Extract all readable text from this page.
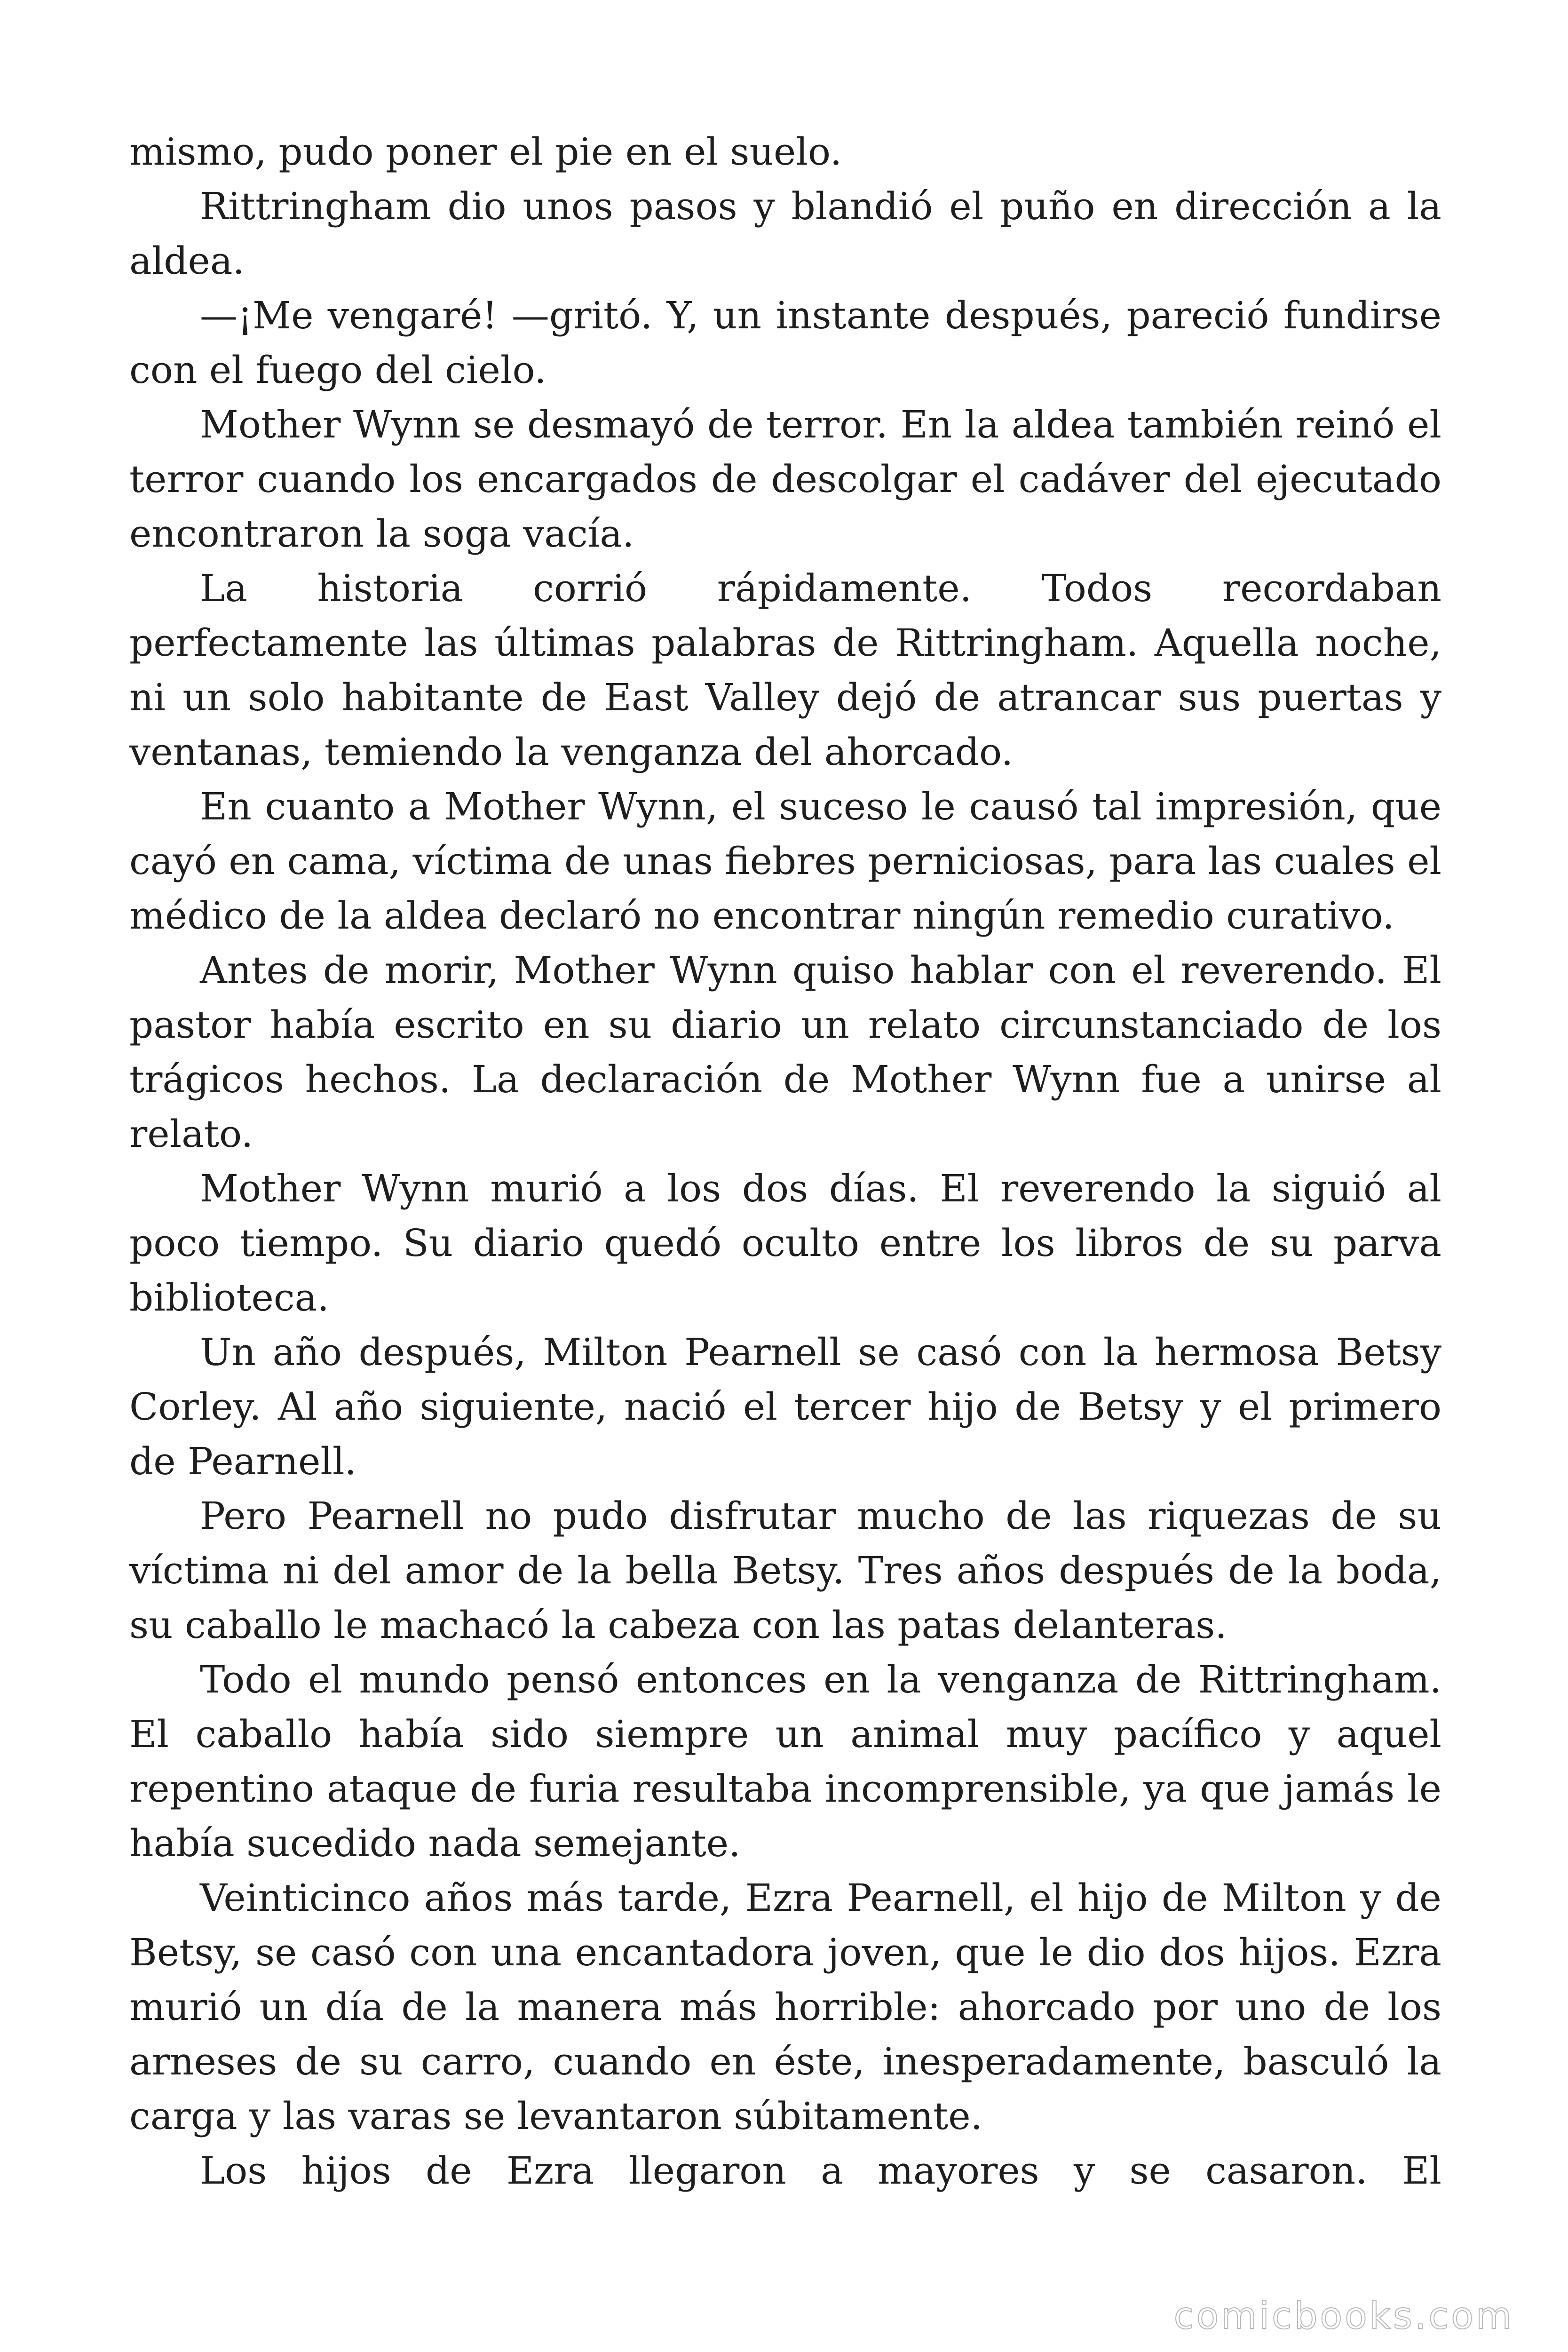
mismo, pudo poner el pie en el suelo.

Rittringham dio unos pasos y blandió el puño en dirección a la aldea.

—¡Me vengaré! —gritó. Y, un instante después, pareció fundirse con el fuego del cielo.

Mother Wynn se desmayó de terror. En la aldea también reinó el terror cuando los encargados de descolgar el cadáver del ejecutado encontraron la soga vacía.

La historia corrió rápidamente. Todos recordaban perfectamente las últimas palabras de Rittringham. Aquella noche, ni un solo habitante de East Valley dejó de atrancar sus puertas y ventanas, temiendo la venganza del ahorcado.

En cuanto a Mother Wynn, el suceso le causó tal impresión, que cayó en cama, víctima de unas fiebres perniciosas, para las cuales el médico de la aldea declaró no encontrar ningún remedio curativo.

Antes de morir, Mother Wynn quiso hablar con el reverendo. El pastor había escrito en su diario un relato circunstanciado de los trágicos hechos. La declaración de Mother Wynn fue a unirse al relato.

Mother Wynn murió a los dos días. El reverendo la siguió al poco tiempo. Su diario quedó oculto entre los libros de su parva biblioteca.

Un año después, Milton Pearnell se casó con la hermosa Betsy Corley. Al año siguiente, nació el tercer hijo de Betsy y el primero de Pearnell.

Pero Pearnell no pudo disfrutar mucho de las riquezas de su víctima ni del amor de la bella Betsy. Tres años después de la boda, su caballo le machacó la cabeza con las patas delanteras.

Todo el mundo pensó entonces en la venganza de Rittringham. El caballo había sido siempre un animal muy pacífico y aquel repentino ataque de furia resultaba incomprensible, ya que jamás le había sucedido nada semejante.

Veinticinco años más tarde, Ezra Pearnell, el hijo de Milton y de Betsy, se casó con una encantadora joven, que le dio dos hijos. Ezra murió un día de la manera más horrible: ahorcado por uno de los arneses de su carro, cuando en éste, inesperadamente, basculó la carga y las varas se levantaron súbitamente.

Los hijos de Ezra llegaron a mayores y se casaron. El

comicbooks.com
